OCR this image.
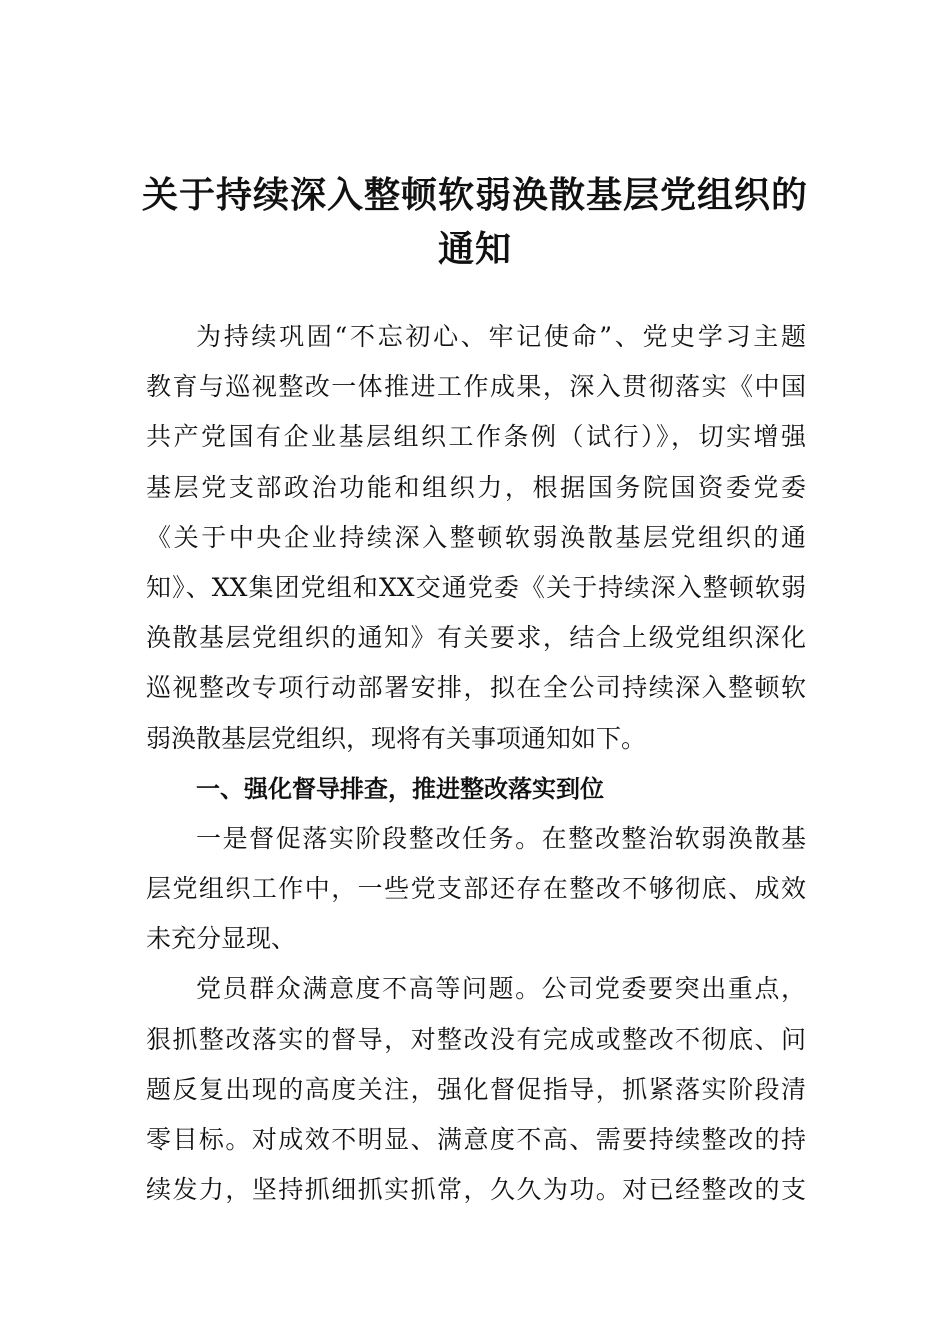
关于持续深入整顿软弱涣散基层党组织的
通知
为持续巩固“不忘初心、牢记使命”、党史学习主题
教育与巡视整改一体推进工作成果，深入贯彻落实《中国
共产党国有企业基层组织工作条例（试行）》，切实增强
基层党支部政治功能和组织力，根据国务院国资委党委
《关于中央企业持续深入整顿软弱涣散基层党组织的通
知》、XX集团党组和XX交通党委《关于持续深入整顿软弱
涣散基层党组织的通知》有关要求，结合上级党组织深化
巡视整改专项行动部署安排，拟在全公司持续深入整顿软
弱涣散基层党组织，现将有关事项通知如下。
一、强化督导排查，推进整改落实到位
一是督促落实阶段整改任务。在整改整治软弱涣散基
层党组织工作中，一些党支部还存在整改不够彻底、成效
未充分显现、
党员群众满意度不高等问题。公司党委要突出重点，
狠抓整改落实的督导，对整改没有完成或整改不彻底、问
题反复出现的高度关注，强化督促指导，抓紧落实阶段清
零目标。对成效不明显、满意度不高、需要持续整改的持
续发力，坚持抓细抓实抓常，久久为功。对已经整改的支
